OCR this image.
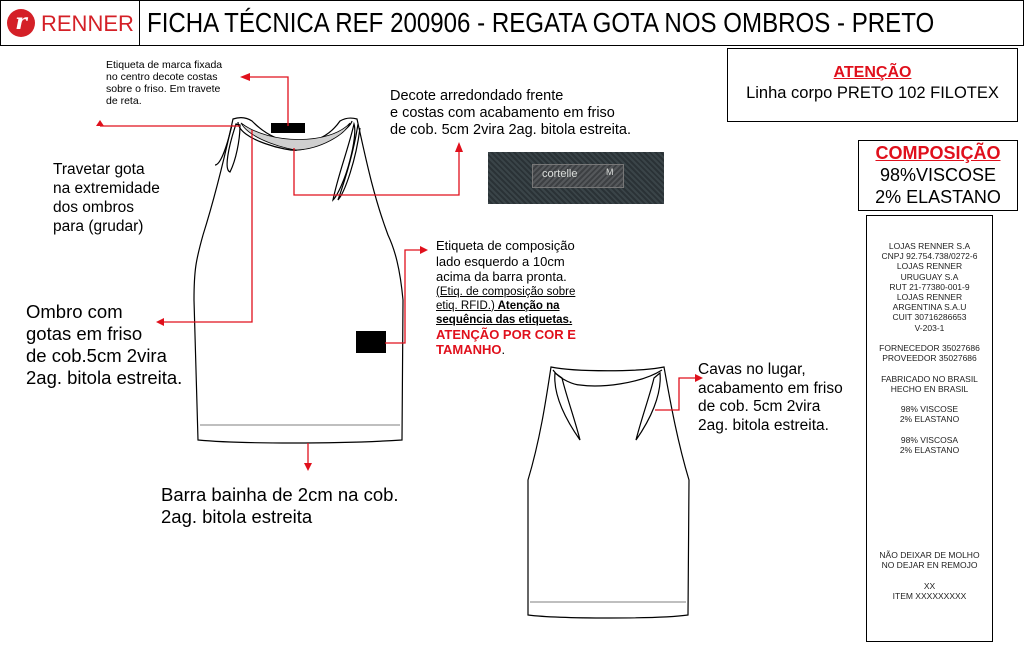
r RENNER FICHA TÉCNICA REF 200906 - REGATA GOTA NOS OMBROS - PRETO
ATENÇÃO
Linha corpo PRETO 102 FILOTEX
COMPOSIÇÃO
98%VISCOSE
2% ELASTANO
LOJAS RENNER S.A
CNPJ 92.754.738/0272-6
LOJAS RENNER
URUGUAY S.A
RUT 21-77380-001-9
LOJAS RENNER
ARGENTINA S.A.U
CUIT 30716286653
V-203-1

FORNECEDOR 35027686
PROVEEDOR 35027686

FABRICADO NO BRASIL
HECHO EN BRASIL

98% VISCOSE
2% ELASTANO

98% VISCOSA
2% ELASTANO
NÃO DEIXAR DE MOLHO
NO DEJAR EN REMOJO

XX
ITEM XXXXXXXXX
cortelle	M
Etiqueta de marca fixada
no centro decote costas
sobre o friso. Em travete
de reta.	Decote arredondado frente
e costas com acabamento em friso
de cob. 5cm 2vira 2ag. bitola estreita.
Travetar gota
na extremidade
dos ombros
para (grudar)
Ombro com
gotas em friso
de cob.5cm 2vira
2ag. bitola estreita.
Etiqueta de composição
lado esquerdo a 10cm
acima da barra pronta.
(Etiq. de composição sobre
etiq. RFID.) Atenção na
sequência das etiquetas.
ATENÇÃO POR COR E
TAMANHO.
Cavas no lugar,
acabamento em friso
de cob. 5cm 2vira
2ag. bitola estreita.
Barra bainha de 2cm na cob.
2ag. bitola estreita
